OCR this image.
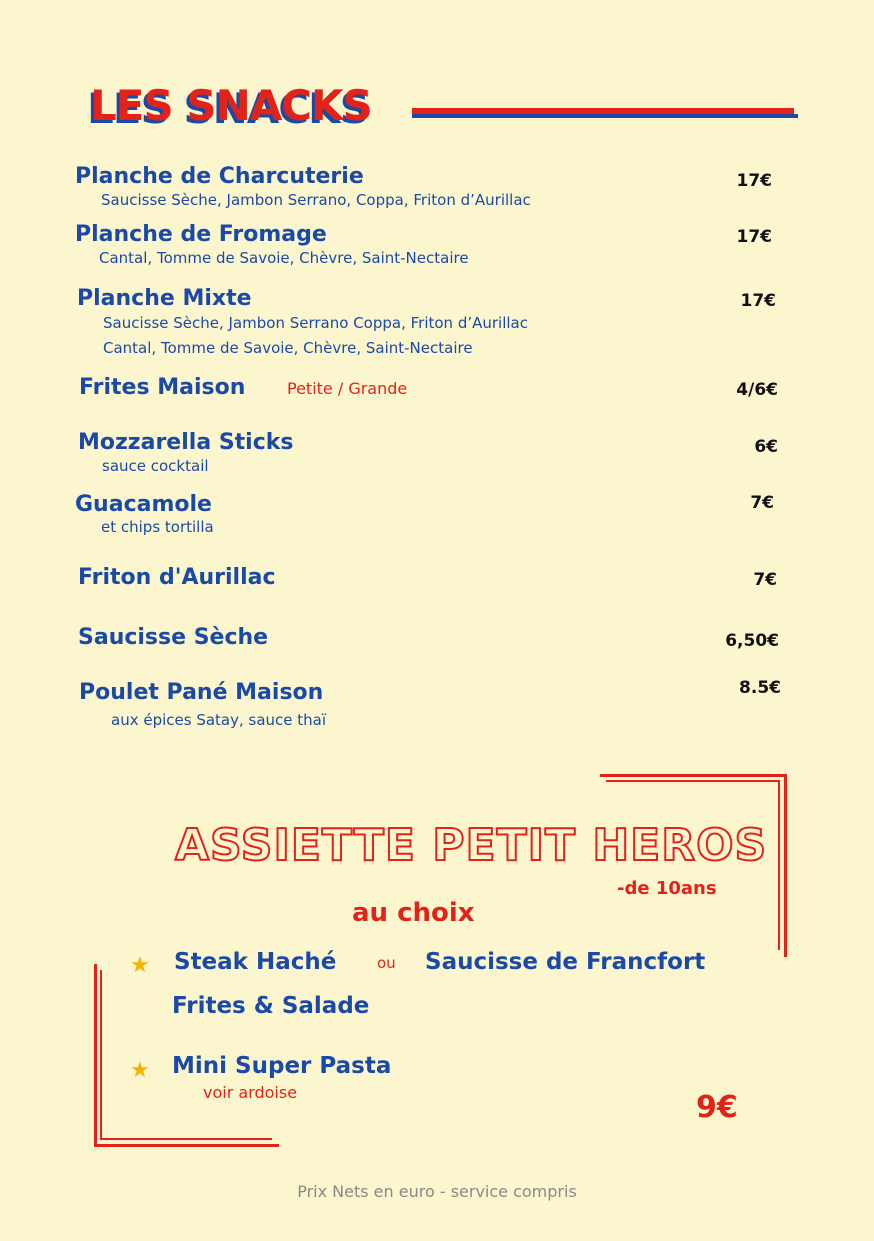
LES SNACKS
Planche de Charcuterie
Saucisse Sèche, Jambon Serrano, Coppa, Friton d’Aurillac
17€
Planche de Fromage
Cantal, Tomme de Savoie, Chèvre, Saint-Nectaire
17€
Planche Mixte
Saucisse Sèche, Jambon Serrano Coppa, Friton d’Aurillac
Cantal, Tomme de Savoie, Chèvre, Saint-Nectaire
17€
Frites Maison	Petite / Grande	4/6€
Mozzarella Sticks
sauce cocktail
6€
Guacamole
et chips tortilla
7€
Friton d'Aurillac	7€
Saucisse Sèche	6,50€
Poulet Pané Maison
aux épices Satay, sauce thaï
8.5€
ASSIETTE PETIT HEROS
-de 10ans
au choix
★ Steak Haché	ou Saucisse de Francfort
Frites & Salade
★ Mini Super Pasta
voir ardoise	9€
Prix Nets en euro - service compris
